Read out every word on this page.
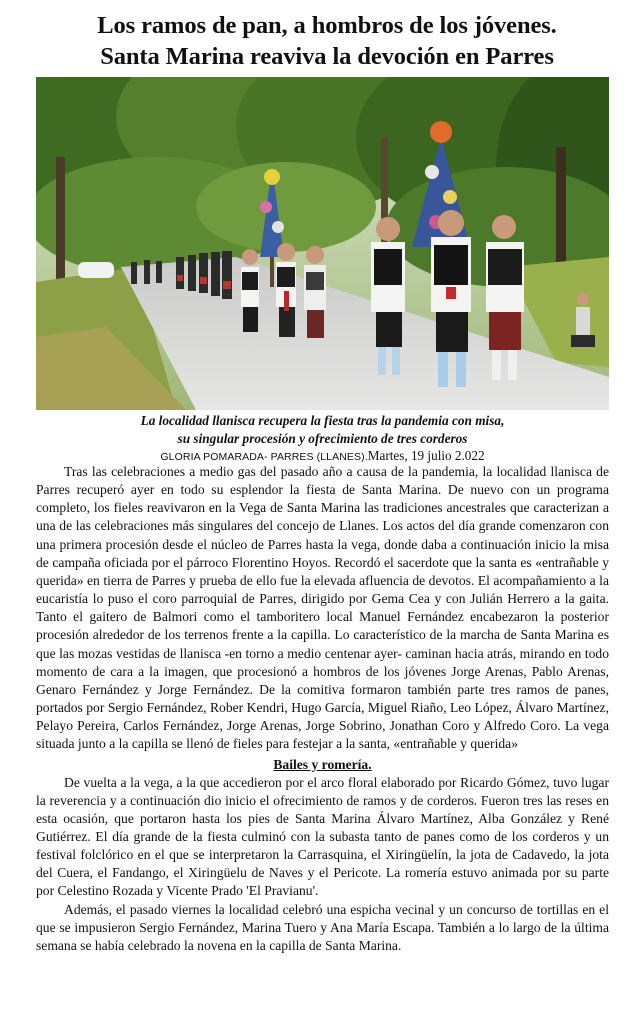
Los ramos de pan, a hombros de los jóvenes.
Santa Marina reaviva la devoción en Parres
La localidad llanisca recupera la fiesta tras la pandemia con misa,
su singular procesión y ofrecimiento de tres corderos
GLORIA POMARADA- PARRES (LLANES).Martes, 19 julio 2.022

Tras las celebraciones a medio gas del pasado año a causa de la pandemia, la localidad llanisca de Parres recuperó ayer en todo su esplendor la fiesta de Santa Marina. De nuevo con un programa completo, los fieles reavivaron en la Vega de Santa Marina las tradiciones ancestrales que caracterizan a una de las celebraciones más singulares del concejo de Llanes. Los actos del día grande comenzaron con una primera procesión desde el núcleo de Parres hasta la vega, donde daba a continuación inicio la misa de campaña oficiada por el párroco Florentino Hoyos. Recordó el sacerdote que la santa es «entrañable y querida» en tierra de Parres y prueba de ello fue la elevada afluencia de devotos. El acompañamiento a la eucaristía lo puso el coro parroquial de Parres, dirigido por Gema Cea y con Julián Herrero a la gaita. Tanto el gaitero de Balmori como el tamboritero local Manuel Fernández encabezaron la posterior procesión alrededor de los terrenos frente a la capilla. Lo característico de la marcha de Santa Marina es que las mozas vestidas de llanisca -en torno a medio centenar ayer- caminan hacia atrás, mirando en todo momento de cara a la imagen, que procesionó a hombros de los jóvenes Jorge Arenas, Pablo Arenas, Genaro Fernández y Jorge Fernández. De la comitiva formaron también parte tres ramos de panes, portados por Sergio Fernández, Rober Kendri, Hugo García, Miguel Riaño, Leo López, Álvaro Martínez, Pelayo Pereira, Carlos Fernández, Jorge Arenas, Jorge Sobrino, Jonathan Coro y Alfredo Coro. La vega situada junto a la capilla se llenó de fieles para festejar a la santa, «entrañable y querida»

Bailes y romería.

De vuelta a la vega, a la que accedieron por el arco floral elaborado por Ricardo Gómez, tuvo lugar la reverencia y a continuación dio inicio el ofrecimiento de ramos y de corderos. Fueron tres las reses en esta ocasión, que portaron hasta los pies de Santa Marina Álvaro Martínez, Alba González y René Gutiérrez. El día grande de la fiesta culminó con la subasta tanto de panes como de los corderos y un festival folclórico en el que se interpretaron la Carrasquina, el Xiringüelín, la jota de Cadavedo, la jota del Cuera, el Fandango, el Xiringüelu de Naves y el Pericote. La romería estuvo animada por su parte por Celestino Rozada y Vicente Prado 'El Pravianu'.

Además, el pasado viernes la localidad celebró una espicha vecinal y un concurso de tortillas en el que se impusieron Sergio Fernández, Marina Tuero y Ana María Escapa. También a lo largo de la última semana se había celebrado la novena en la capilla de Santa Marina.
